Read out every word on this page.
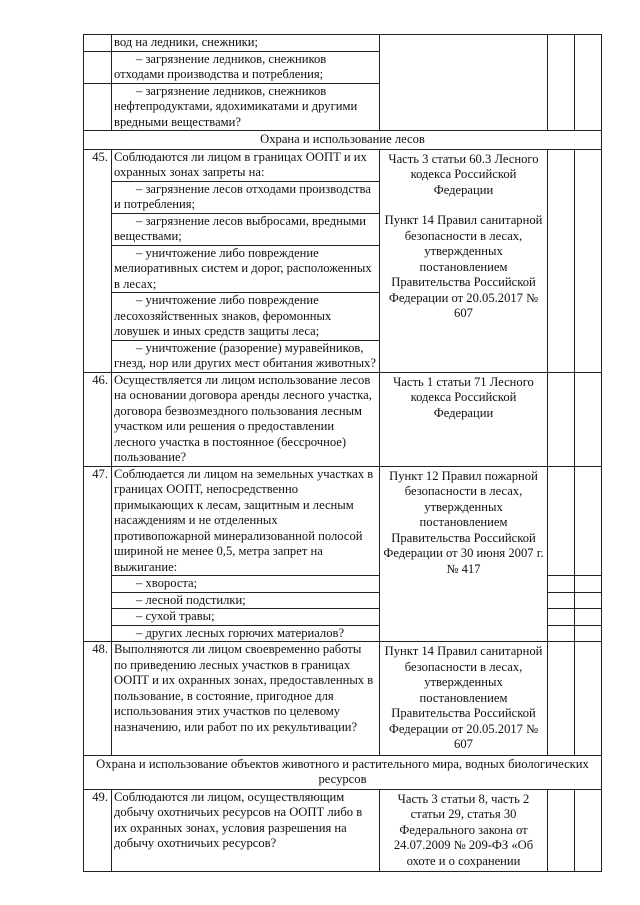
	вод на ледники, снежники;			

	– загрязнение ледников, снежников отходами производства и потребления;

	– загрязнение ледников, снежников нефтепродуктами, ядохимикатами и другими вредными веществами?

Охрана и использование лесов				
45.	Соблюдаются ли лицом в границах ООПТ и их охранных зонах запреты на:	Часть 3 статьи 60.3 Лесного кодекса Российской Федерации
Пункт 14 Правил санитарной безопасности в лесах, утвержденных постановлением Правительства Российской Федерации от 20.05.2017 № 607		

	– загрязнение лесов отходами производства и потребления;

	– загрязнение лесов выбросами, вредными веществами;

	– уничтожение либо повреждение мелиоративных систем и дорог, расположенных в лесах;

	– уничтожение либо повреждение лесохозяйственных знаков, феромонных ловушек и иных средств защиты леса;

	– уничтожение (разорение) муравейников, гнезд, нор или других мест обитания животных?

46.	Осуществляется ли лицом использование лесов на основании договора аренды лесного участка, договора безвозмездного пользования лесным участком или решения о предоставлении лесного участка в постоянное (бессрочное) пользование?	Часть 1 статьи 71 Лесного кодекса Российской Федерации		
47.	Соблюдается ли лицом на земельных участках в границах ООПТ, непосредственно примыкающих к лесам, защитным и лесным насаждениям и не отделенных противопожарной минерализованной полосой шириной не менее 0,5, метра запрет на выжигание:	Пункт 12 Правил пожарной безопасности в лесах, утвержденных постановлением Правительства Российской Федерации от 30 июня 2007 г. № 417		

	– хвороста;

	– лесной подстилки;

	– сухой травы;

	– других лесных горючих материалов?

48.	Выполняются ли лицом своевременно работы по приведению лесных участков в границах ООПТ и их охранных зонах, предоставленных в пользование, в состояние, пригодное для использования этих участков по целевому назначению, или работ по их рекультивации?	Пункт 14 Правил санитарной безопасности в лесах, утвержденных постановлением Правительства Российской Федерации от 20.05.2017 № 607		
Охрана и использование объектов животного и растительного мира, водных биологических ресурсов				
49.	Соблюдаются ли лицом, осуществляющим добычу охотничьих ресурсов на ООПТ либо в их охранных зонах, условия разрешения на добычу охотничьих ресурсов?	Часть 3 статьи 8, часть 2 статьи 29, статья 30 Федерального закона от 24.07.2009 № 209-ФЗ «Об охоте и о сохранении		
